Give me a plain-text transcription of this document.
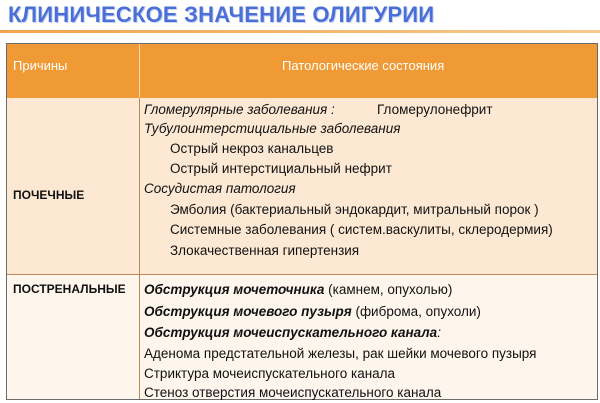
КЛИНИЧЕСКОЕ ЗНАЧЕНИЕ ОЛИГУРИИ
Причины	Патологические состояния
ПОЧЕЧНЫЕ
Гломерулярные заболевания :	Гломерулонефрит
Тубулоинтерстициальные заболевания
Острый некроз канальцев
Острый интерстициальный нефрит
Сосудистая патология
Эмболия (бактериальный эндокардит, митральный порок )
Системные заболевания ( систем.васкулиты, склеродермия)
Злокачественная гипертензия
ПОСТРЕНАЛЬНЫЕ Обструкция мочеточника (камнем, опухолью)
Обструкция мочевого пузыря (фиброма, опухоли)
Обструкция мочеиспускательного канала:
Аденома предстательной железы, рак шейки мочевого пузыря
Стриктура мочеиспускательного канала
Стеноз отверстия мочеиспускательного канала
